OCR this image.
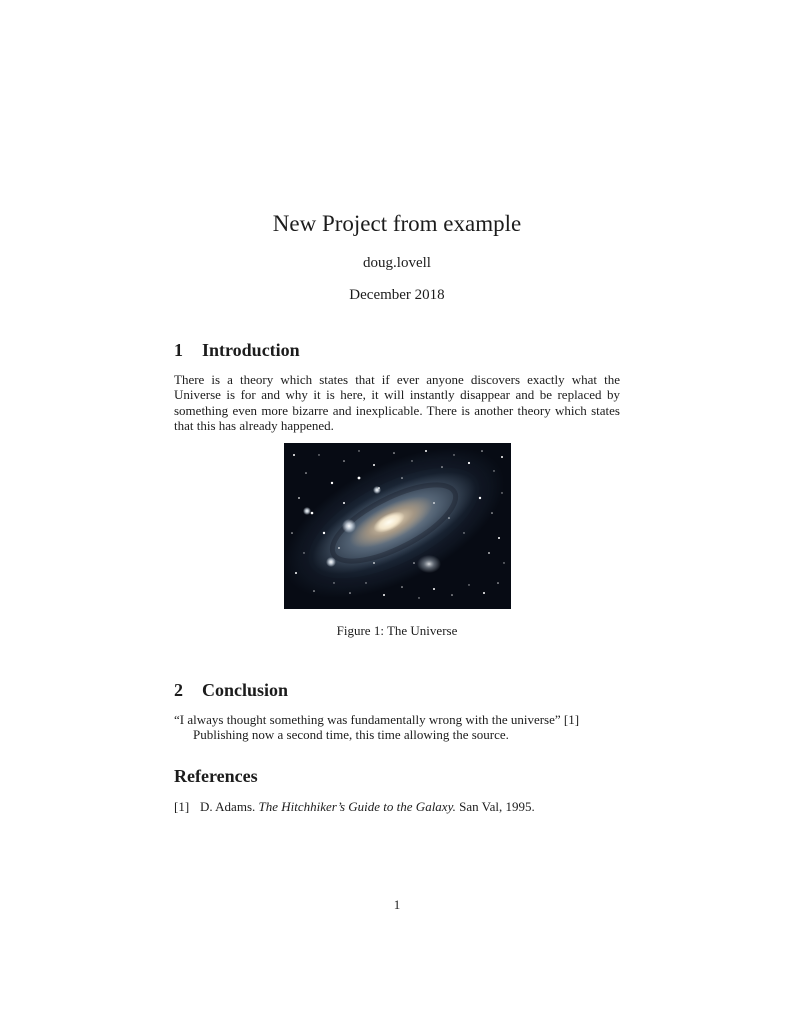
New Project from example
doug.lovell
December 2018
1 Introduction

There is a theory which states that if ever anyone discovers exactly what the Universe is for and why it is here, it will instantly disappear and be replaced by something even more bizarre and inexplicable. There is another theory which states that this has already happened.

Figure 1: The Universe
2 Conclusion

“I always thought something was fundamentally wrong with the universe” [1]

Publishing now a second time, this time allowing the source.

References
[1] D. Adams. The Hitchhiker’s Guide to the Galaxy. San Val, 1995.
1
